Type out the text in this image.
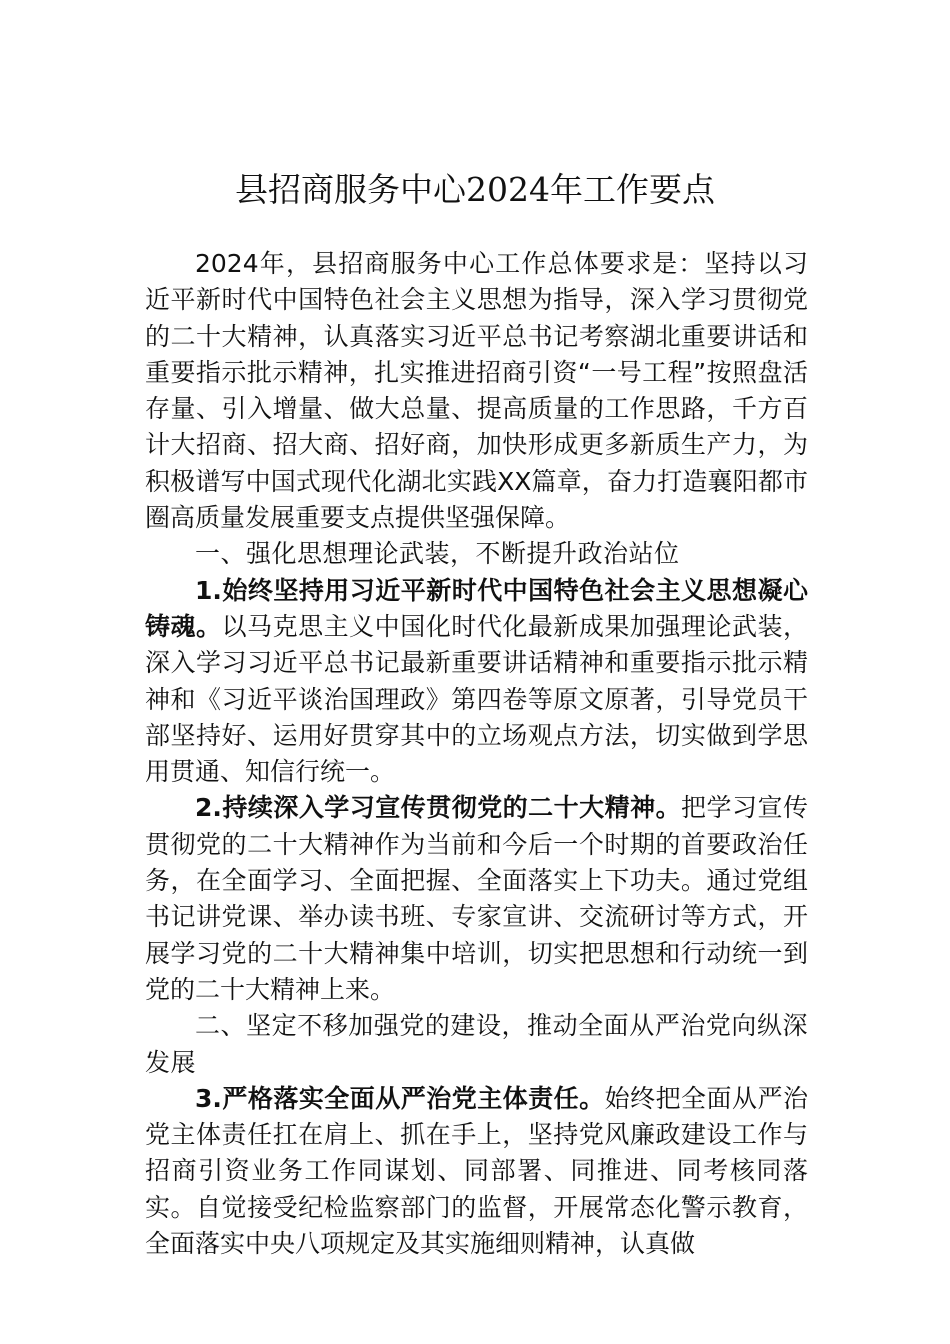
县招商服务中心2024年工作要点

2024年，县招商服务中心工作总体要求是：坚持以习近平新时代中国特色社会主义思想为指导，深入学习贯彻党的二十大精神，认真落实习近平总书记考察湖北重要讲话和重要指示批示精神，扎实推进招商引资“一号工程”按照盘活存量、引入增量、做大总量、提高质量的工作思路，千方百计大招商、招大商、招好商，加快形成更多新质生产力，为积极谱写中国式现代化湖北实践XX篇章，奋力打造襄阳都市圈高质量发展重要支点提供坚强保障。

一、强化思想理论武装，不断提升政治站位

1.始终坚持用习近平新时代中国特色社会主义思想凝心铸魂。以马克思主义中国化时代化最新成果加强理论武装，深入学习习近平总书记最新重要讲话精神和重要指示批示精神和《习近平谈治国理政》第四卷等原文原著，引导党员干部坚持好、运用好贯穿其中的立场观点方法，切实做到学思用贯通、知信行统一。

2.持续深入学习宣传贯彻党的二十大精神。把学习宣传贯彻党的二十大精神作为当前和今后一个时期的首要政治任务，在全面学习、全面把握、全面落实上下功夫。通过党组书记讲党课、举办读书班、专家宣讲、交流研讨等方式，开展学习党的二十大精神集中培训，切实把思想和行动统一到党的二十大精神上来。

二、坚定不移加强党的建设，推动全面从严治党向纵深发展

3.严格落实全面从严治党主体责任。始终把全面从严治党主体责任扛在肩上、抓在手上，坚持党风廉政建设工作与招商引资业务工作同谋划、同部署、同推进、同考核同落实。自觉接受纪检监察部门的监督，开展常态化警示教育，全面落实中央八项规定及其实施细则精神，认真做
